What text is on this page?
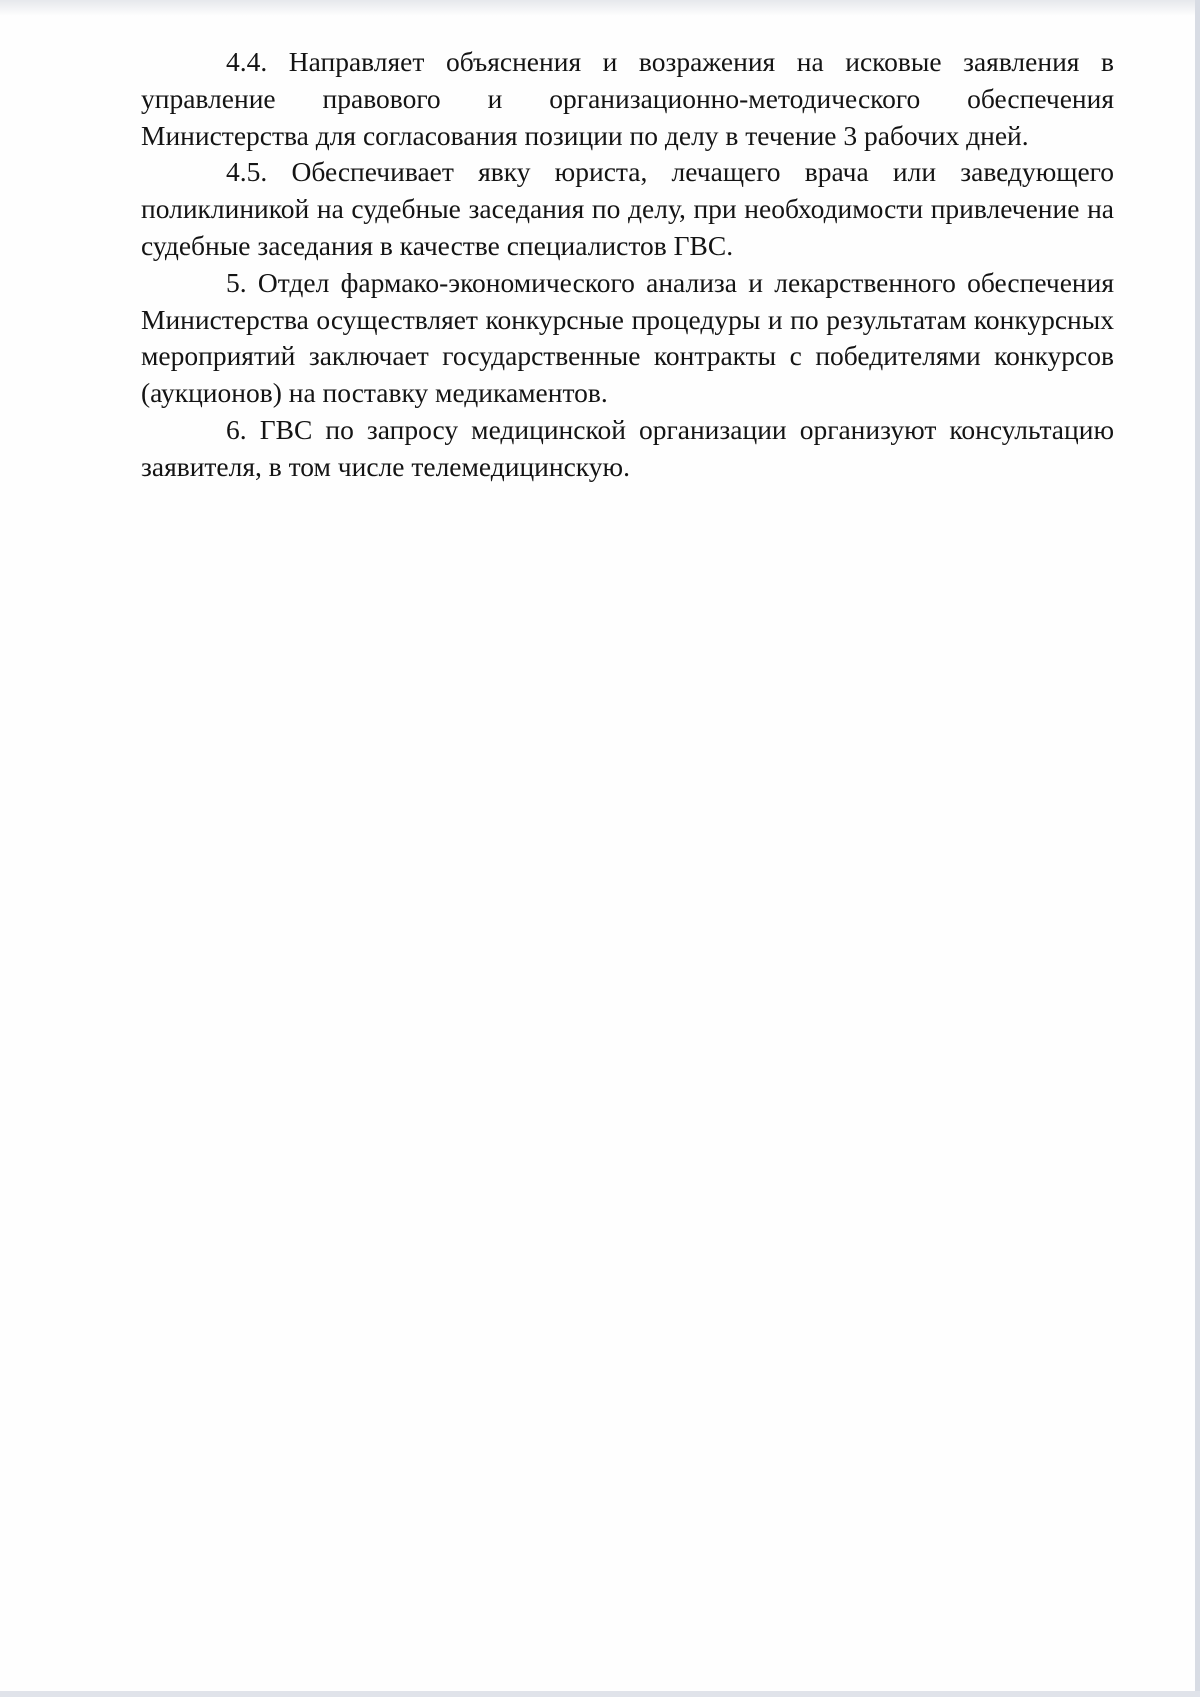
4.4. Направляет объяснения и возражения на исковые заявления в управление правового и организационно-методического обеспечения Министерства для согласования позиции по делу в течение 3 рабочих дней.

4.5. Обеспечивает явку юриста, лечащего врача или заведующего поликлиникой на судебные заседания по делу, при необходимости привлечение на судебные заседания в качестве специалистов ГВС.

5. Отдел фармако-экономического анализа и лекарственного обеспечения Министерства осуществляет конкурсные процедуры и по результатам конкурсных мероприятий заключает государственные контракты с победителями конкурсов (аукционов) на поставку медикаментов.

6. ГВС по запросу медицинской организации организуют консультацию заявителя, в том числе телемедицинскую.
